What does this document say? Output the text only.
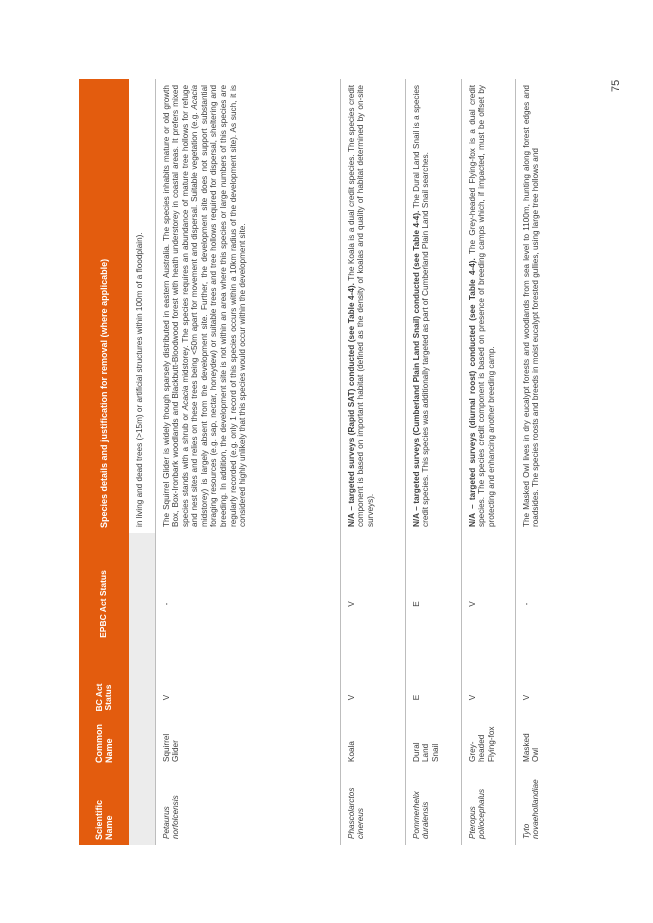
75
Scientific Name	Common Name	BC Act Status	EPBC Act Status	Species details and justification for removal (where applicable)
				in living and dead trees (>15m) or artificial structures within 100m of a floodplain).
Petaurus norfolcensis	Squirrel Glider	V	-	The Squirrel Glider is widely though sparsely distributed in eastern Australia. The species inhabits mature or old growth Box, Box-Ironbark woodlands and Blackbutt-Bloodwood forest with heath understorey in coastal areas. It prefers mixed species stands with a shrub or Acacia midstorey. The species requires an abundance of mature tree hollows for refuge and nest sites and relies on these trees being <50m apart for movement and dispersal. Suitable vegetation (e.g. Acacia midstorey) is largely absent from the development site. Further, the development site does not support substantial foraging resources (e.g. sap, nectar, honeydew) or suitable trees and tree hollows required for dispersal, sheltering and breeding. In addition, the development site is not within an area where this species or large numbers of this species are regularly recorded (e.g. only 1 record of this species occurs within a 10km radius of the development site). As such, it is considered highly unlikely that this species would occur within the development site.
Phascolarctos cinereus	Koala	V	V	N/A – targeted surveys (Rapid SAT) conducted (see Table 4-4). The Koala is a dual credit species. The species credit component is based on important habitat (defined as the density of koalas and quality of habitat determined by on-site surveys).
Pommerhelix duralensis	Dural Land Snail	E	E	N/A – targeted surveys (Cumberland Plain Land Snail) conducted (see Table 4-4). The Dural Land Snail is a species credit species. This species was additionally targeted as part of Cumberland Plain Land Snail searches.
Pteropus poliocephalus	Grey-headed Flying-fox	V	V	N/A – targeted surveys (diurnal roost) conducted (see Table 4-4). The Grey-headed Flying-fox is a dual credit species. The species credit component is based on presence of breeding camps which, if impacted, must be offset by protecting and enhancing another breeding camp.
Tyto novaehollandiae	Masked Owl	V	-	The Masked Owl lives in dry eucalypt forests and woodlands from sea level to 1100m, hunting along forest edges and roadsides. The species roosts and breeds in moist eucalypt forested gullies, using large tree hollows and
